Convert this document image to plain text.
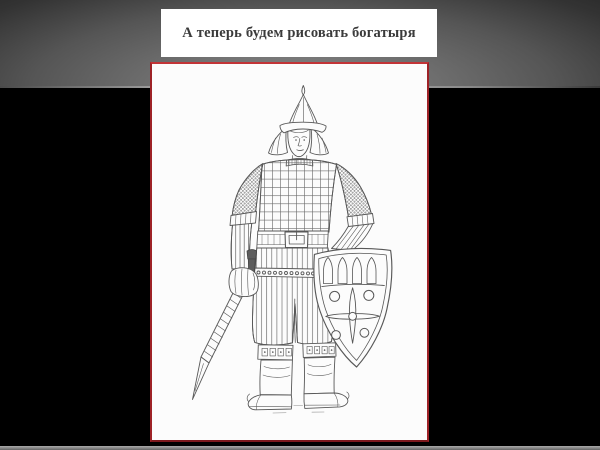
А теперь будем рисовать богатыря
